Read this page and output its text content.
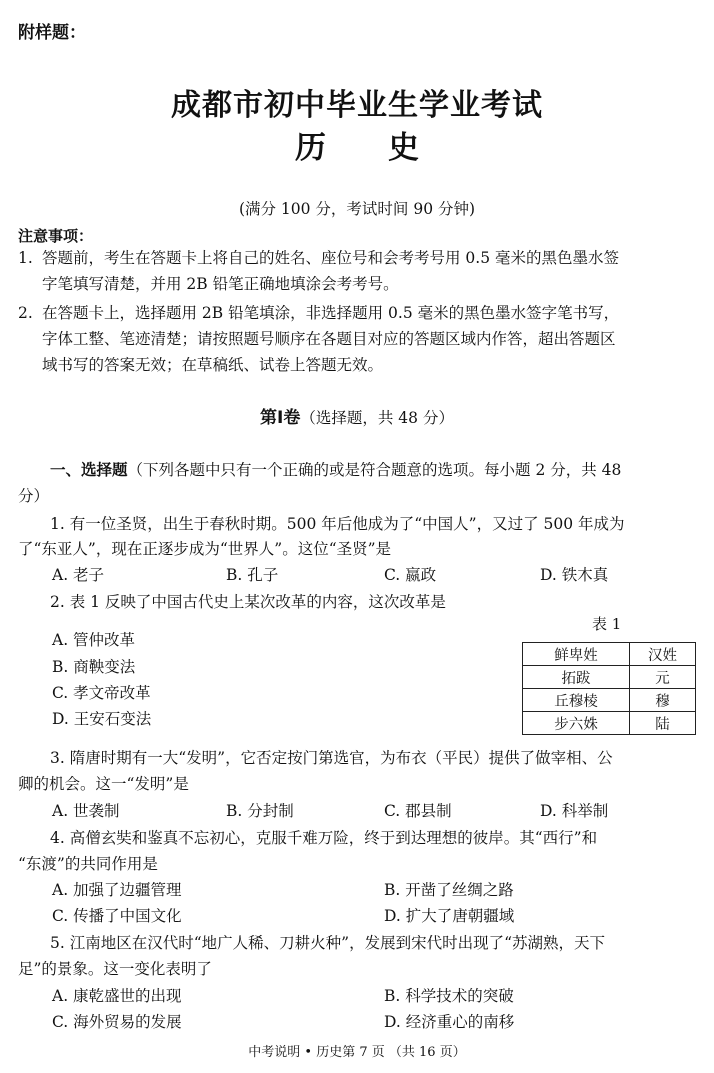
附样题：
成都市初中毕业生学业考试
历　　史
(满分 100 分，考试时间 90 分钟)
注意事项：
1. 答题前，考生在答题卡上将自己的姓名、座位号和会考考号用 0.5 毫米的黑色墨水签
字笔填写清楚，并用 2B 铅笔正确地填涂会考考号。
2. 在答题卡上，选择题用 2B 铅笔填涂，非选择题用 0.5 毫米的黑色墨水签字笔书写，
字体工整、笔迹清楚；请按照题号顺序在各题目对应的答题区域内作答，超出答题区
域书写的答案无效；在草稿纸、试卷上答题无效。
第Ⅰ卷（选择题，共 48 分）
一、选择题（下列各题中只有一个正确的或是符合题意的选项。每小题 2 分，共 48
分）
1. 有一位圣贤，出生于春秋时期。500 年后他成为了“中国人”，又过了 500 年成为
了“东亚人”，现在正逐步成为“世界人”。这位“圣贤”是
A. 老子	B. 孔子	C. 嬴政	D. 铁木真
2. 表 1 反映了中国古代史上某次改革的内容，这次改革是
A. 管仲改革
B. 商鞅变法
C. 孝文帝改革
D. 王安石变法
表 1
鲜卑姓	汉姓
拓跋	元
丘穆棱	穆
步六姝	陆
3. 隋唐时期有一大“发明”，它否定按门第选官，为布衣（平民）提供了做宰相、公
卿的机会。这一“发明”是
A. 世袭制	B. 分封制	C. 郡县制	D. 科举制
4. 高僧玄奘和鉴真不忘初心，克服千难万险，终于到达理想的彼岸。其“西行”和
“东渡”的共同作用是
A. 加强了边疆管理	B. 开凿了丝绸之路
C. 传播了中国文化	D. 扩大了唐朝疆域
5. 江南地区在汉代时“地广人稀、刀耕火种”，发展到宋代时出现了“苏湖熟，天下
足”的景象。这一变化表明了
A. 康乾盛世的出现	B. 科学技术的突破
C. 海外贸易的发展	D. 经济重心的南移
中考说明 • 历史第 7 页 （共 16 页）
